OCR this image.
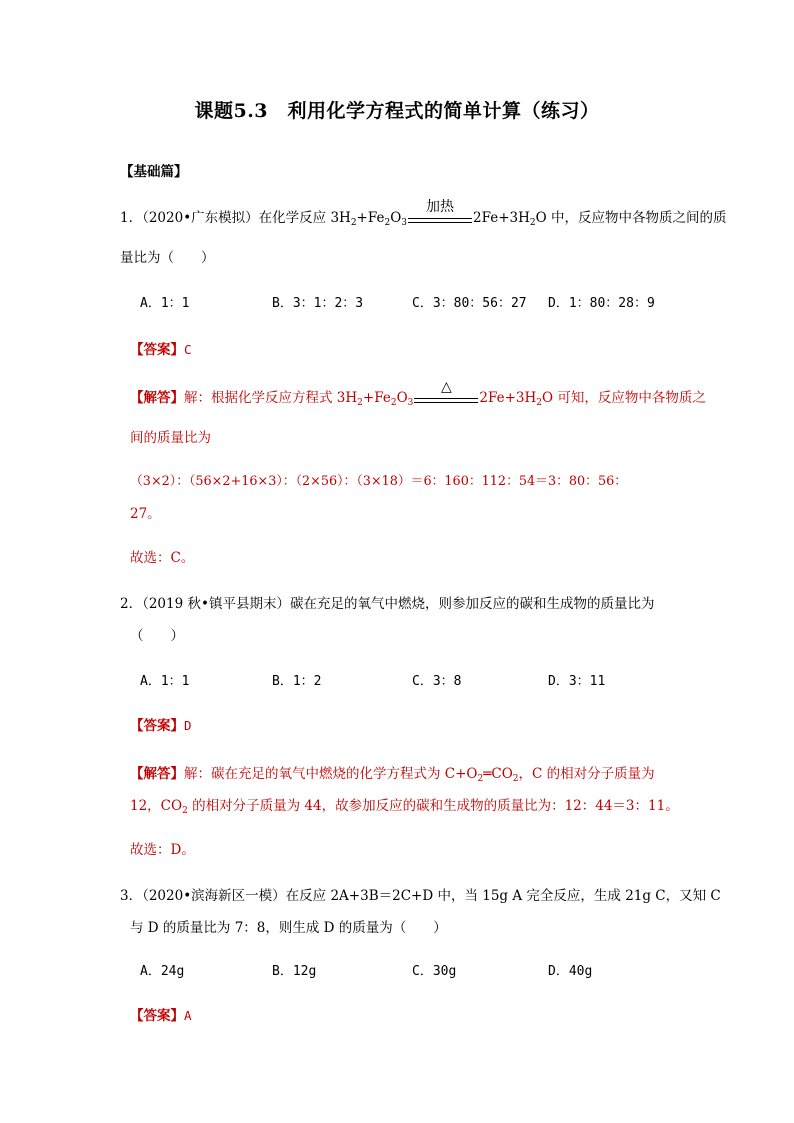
课题5.3　利用化学方程式的简单计算（练习）
【基础篇】
1．（2020•广东模拟）在化学反应 $3H_2+Fe_2O_3$
加热
$2Fe+3H_2O$ 中，反应物中各物质之间的质
量比为（　　）
A．1：1	B．3：1：2：3	C．3：80：56：27 D．1：80：28：9
【答案】C
【解答】解：根据化学反应方程式 $3H_2+Fe_2O_3$
△
$2Fe+3H_2O$ 可知，反应物中各物质之
间的质量比为
（3×2）：（56×2+16×3）：（2×56）：（3×18）＝6：160：112：54＝3：80：56：
27。
故选：C。
2．（2019 秋•镇平县期末）碳在充足的氧气中燃烧，则参加反应的碳和生成物的质量比为
（　　）
A．1：1	B．1：2	C．3：8	D．3：11
【答案】D
【解答】解：碳在充足的氧气中燃烧的化学方程式为 $C+O_2═CO_2$，C 的相对分子质量为
12，$CO_2$ 的相对分子质量为 44，故参加反应的碳和生成物的质量比为：12：44＝3：11。
故选：D。
3．（2020•滨海新区一模）在反应 2A+3B＝2C+D 中，当 15g A 完全反应，生成 21g C，又知 C
与 D 的质量比为 7：8，则生成 D 的质量为（　　）
A．24g	B．12g	C．30g	D．40g
【答案】A
